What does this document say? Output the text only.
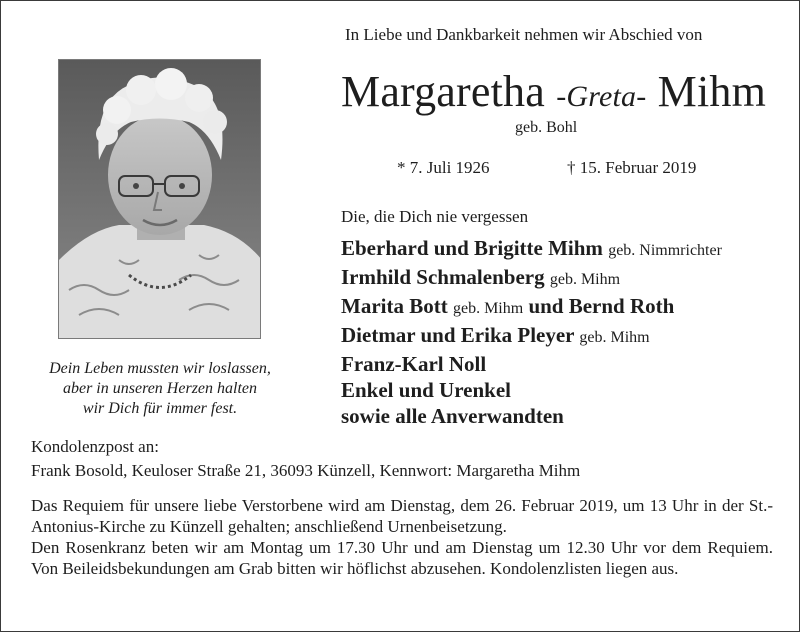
In Liebe und Dankbarkeit nehmen wir Abschied von
Margaretha -Greta- Mihm
geb. Bohl
* 7. Juli 1926	† 15. Februar 2019
Die, die Dich nie vergessen
Eberhard und Brigitte Mihm geb. Nimmrichter
Irmhild Schmalenberg geb. Mihm
Marita Bott geb. Mihm und Bernd Roth
Dietmar und Erika Pleyer geb. Mihm
Franz-Karl Noll
Enkel und Urenkel
sowie alle Anverwandten
Dein Leben mussten wir loslassen,
aber in unseren Herzen halten
wir Dich für immer fest.
Kondolenzpost an:
Frank Bosold, Keuloser Straße 21, 36093 Künzell, Kennwort: Margaretha Mihm
Das Requiem für unsere liebe Verstorbene wird am Dienstag, dem 26. Februar 2019, um 13 Uhr in der St.-Antonius-Kirche zu Künzell gehalten; anschließend Urnenbeisetzung.
Den Rosenkranz beten wir am Montag um 17.30 Uhr und am Dienstag um 12.30 Uhr vor dem Requiem. Von Beileidsbekundungen am Grab bitten wir höflichst abzusehen. Kondolenzlisten liegen aus.
